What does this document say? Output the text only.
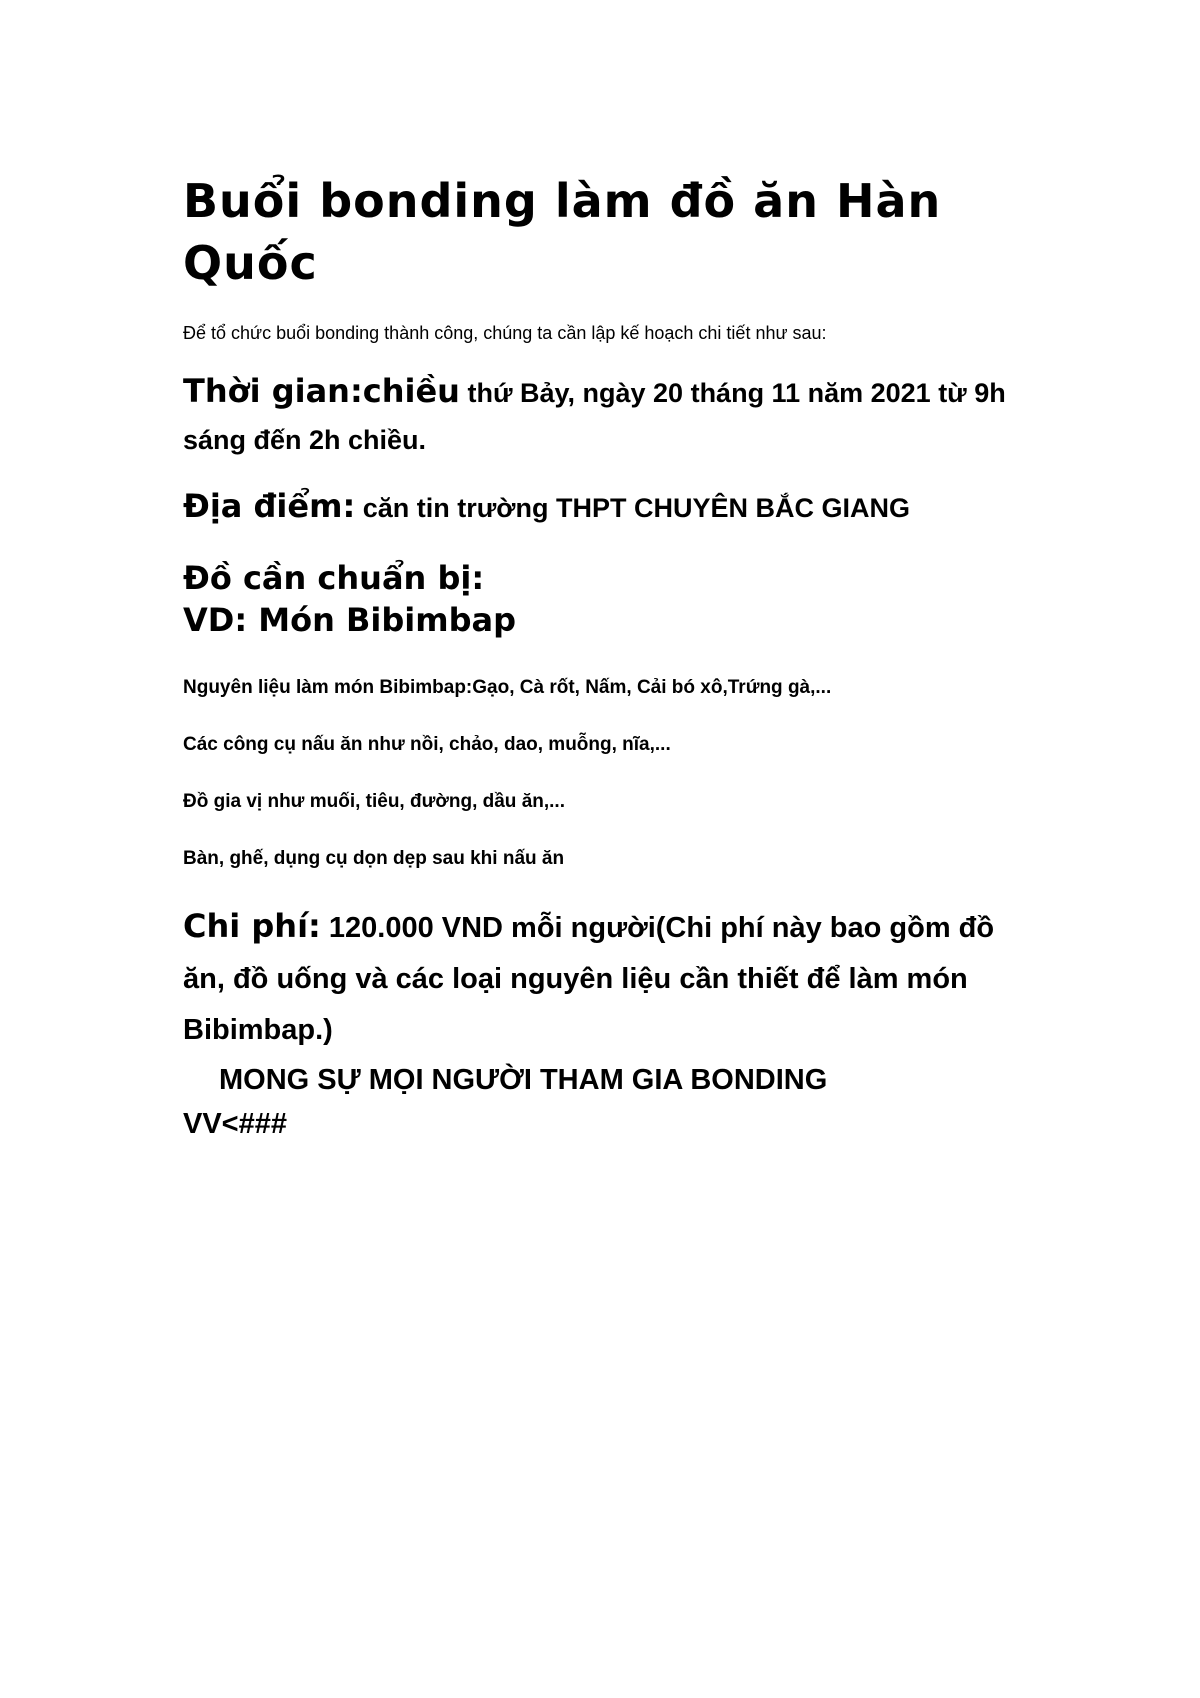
Buổi bonding làm đồ ăn Hàn Quốc

Để tổ chức buổi bonding thành công, chúng ta cần lập kế hoạch chi tiết như sau:

Thời gian:chiều thứ Bảy, ngày 20 tháng 11 năm 2021 từ 9h sáng đến 2h chiều.

Địa điểm: căn tin trường THPT CHUYÊN BẮC GIANG

Đồ cần chuẩn bị:
VD: Món Bibimbap

Nguyên liệu làm món Bibimbap:Gạo, Cà rốt, Nấm, Cải bó xô,Trứng gà,...

Các công cụ nấu ăn như nồi, chảo, dao, muỗng, nĩa,...

Đồ gia vị như muối, tiêu, đường, dầu ăn,...

Bàn, ghế, dụng cụ dọn dẹp sau khi nấu ăn

Chi phí: 120.000 VND mỗi người(Chi phí này bao gồm đồ ăn, đồ uống và các loại nguyên liệu cần thiết để làm món Bibimbap.)

MONG SỰ MỌI NGƯỜI THAM GIA BONDING

VV<###
